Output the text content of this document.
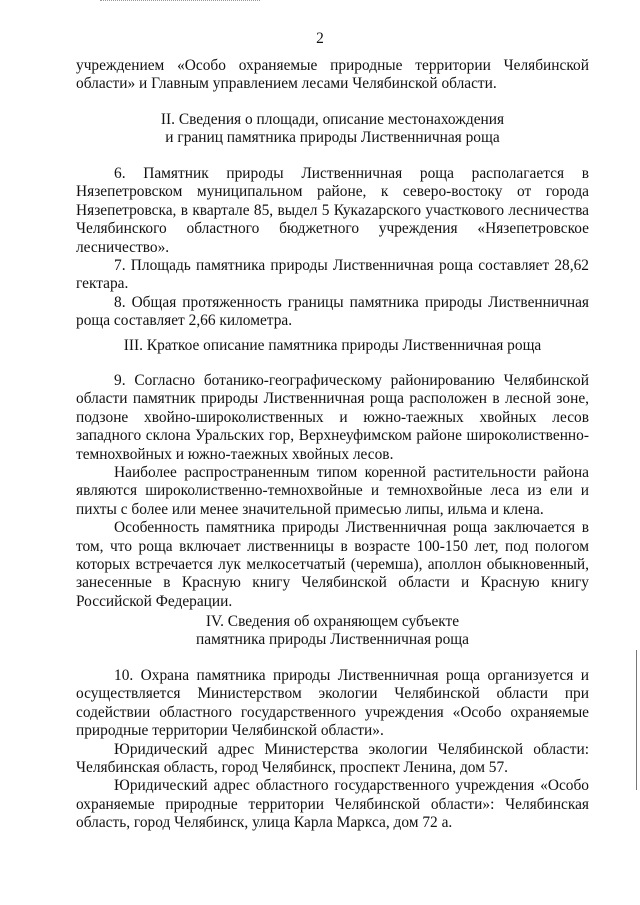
2

учреждением «Особо охраняемые природные территории Челябинской

области» и Главным управлением лесами Челябинской области.

II. Сведения о площади, описание местонахождения

и границ памятника природы Лиственничная роща

6. Памятник природы Лиственничная роща располагается в Нязепетровском муниципальном районе, к северо-востоку от города Нязепетровска, в квартале 85, выдел 5 Кукazарского участкового лесничества Челябинского областного бюджетного учреждения «Нязепетровское лесничество».

7. Площадь памятника природы Лиственничная роща составляет 28,62 гектара.

8. Общая протяженность границы памятника природы Лиственничная роща составляет 2,66 километра.

III. Краткое описание памятника природы Лиственничная роща

9. Согласно ботанико-географическому районированию Челябинской области памятник природы Лиственничная роща расположен в лесной зоне, подзоне хвойно-широколиственных и южно-таежных хвойных лесов западного склона Уральских гор, Верхнеуфимском районе широколиственно-темнохвойных и южно-таежных хвойных лесов.

Наиболее распространенным типом коренной растительности района являются широколиственно-темнохвойные и темнохвойные леса из ели и пихты с более или менее значительной примесью липы, ильма и клена.

Особенность памятника природы Лиственничная роща заключается в том, что роща включает лиственницы в возрасте 100-150 лет, под пологом которых встречается лук мелкосетчатый (черемша), аполлон обыкновенный, занесенные в Красную книгу Челябинской области и Красную книгу Российской Федерации.

IV. Сведения об охраняющем субъекте

памятника природы Лиственничная роща

10. Охрана памятника природы Лиственничная роща организуется и осуществляется Министерством экологии Челябинской области при содействии областного государственного учреждения «Особо охраняемые природные территории Челябинской области».

Юридический адрес Министерства экологии Челябинской области: Челябинская область, город Челябинск, проспект Ленина, дом 57.

Юридический адрес областного государственного учреждения «Особо охраняемые природные территории Челябинской области»: Челябинская область, город Челябинск, улица Карла Маркса, дом 72 а.
